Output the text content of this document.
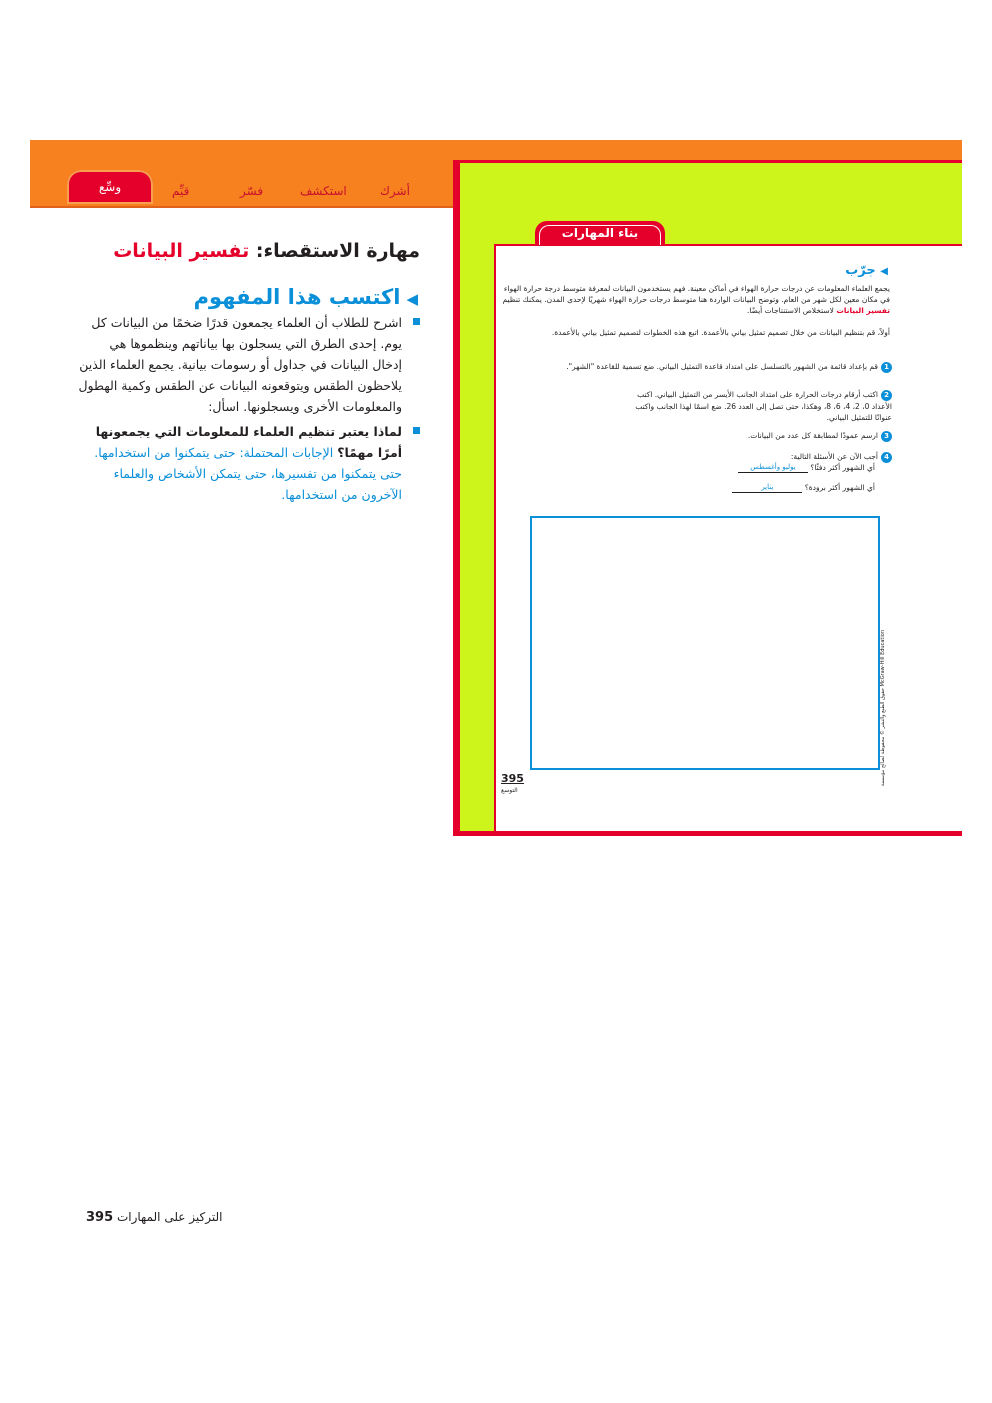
أشرك
استكشف
فسّر
قيِّم
وسِّع
مهارة الاستقصاء: تفسير البيانات
◀اكتسب هذا المفهوم
اشرح للطلاب أن العلماء يجمعون قدرًا ضخمًا من البيانات كل يوم. إحدى الطرق التي يسجلون بها بياناتهم وينظموها هي إدخال البيانات في جداول أو رسومات بيانية. يجمع العلماء الذين يلاحظون الطقس ويتوقعونه البيانات عن الطقس وكمية الهطول والمعلومات الأخرى ويسجلونها. اسأل:
لماذا يعتبر تنظيم العلماء للمعلومات التي يجمعونها أمرًا مهمًا؟ الإجابات المحتملة: حتى يتمكنوا من استخدامها. حتى يتمكنوا من تفسيرها، حتى يتمكن الأشخاص والعلماء الآخرون من استخدامها.
بناء المهارات
◀ جرّب
يجمع العلماء المعلومات عن درجات حرارة الهواء في أماكن معينة. فهم يستخدمون البيانات لمعرفة متوسط درجة حرارة الهواء في مكان معين لكل شهر من العام. وتوضح البيانات الواردة هنا متوسط درجات حرارة الهواء شهريًا لإحدى المدن. يمكنك تنظيم تفسير البيانات لاستخلاص الاستنتاجات أيضًا.
أولاً، قم بتنظيم البيانات من خلال تصميم تمثيل بياني بالأعمدة. اتبع هذه الخطوات لتصميم تمثيل بياني بالأعمدة.
1قم بإعداد قائمة من الشهور بالتسلسل على امتداد قاعدة التمثيل البياني. ضع تسمية للقاعدة "الشهر".
2اكتب أرقام درجات الحرارة على امتداد الجانب الأيسر من التمثيل البياني. اكتب الأعداد 0، 2، 4، 6، 8، وهكذا، حتى تصل إلى العدد 26. ضع اسمًا لهذا الجانب واكتب عنوانًا للتمثيل البياني.
3ارسم عمودًا لمطابقة كل عدد من البيانات.
4أجب الآن عن الأسئلة التالية:
أي الشهور أكثر دفئًا؟ يوليو وأغسطس
أي الشهور أكثر برودة؟ يناير
395
التوسع
McGraw-Hill Education حقوق الطبع والنشر © محفوظة لصالح مؤسسة
التركيز على المهارات 395
